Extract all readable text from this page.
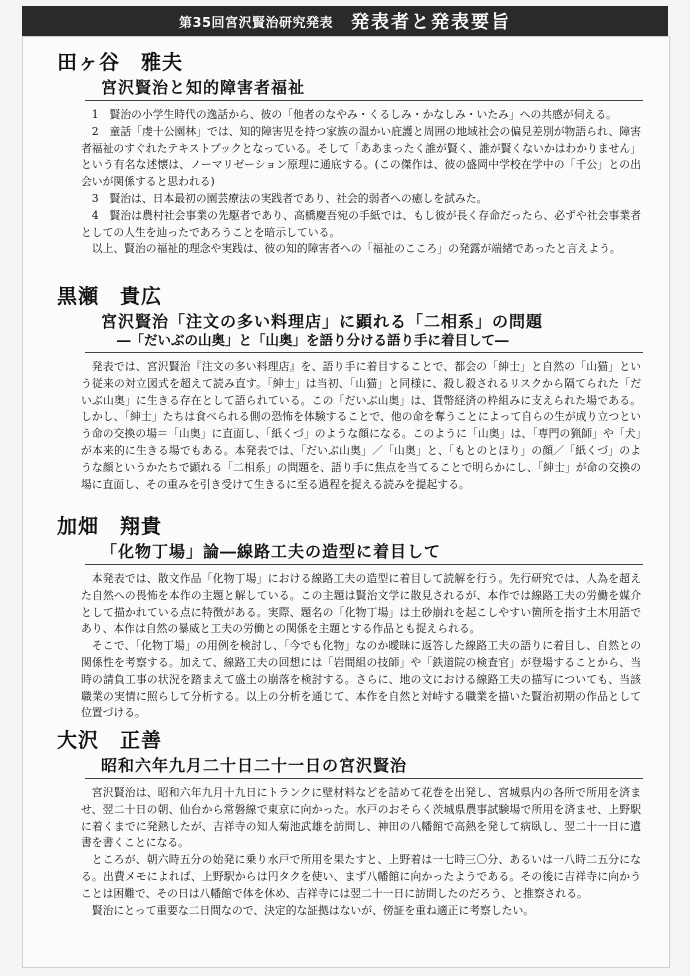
第35回宮沢賢治研究発表 発表者と発表要旨
田ヶ谷　雅夫
宮沢賢治と知的障害者福祉

1　賢治の小学生時代の逸話から、彼の「他者のなやみ・くるしみ・かなしみ・いたみ」への共感が伺える。

2　童話「虔十公園林」では、知的障害児を持つ家族の温かい庇護と周囲の地域社会の偏見差別が物語られ、障害者福祉のすぐれたテキストブックとなっている。そして「ああまったく誰が賢く、誰が賢くないかはわかりません」という有名な述懐は、ノーマリゼーション原理に通底する。(この傑作は、彼の盛岡中学校在学中の「千公」との出会いが関係すると思われる)

3　賢治は、日本最初の園芸療法の実践者であり、社会的弱者への癒しを試みた。

4　賢治は農村社会事業の先駆者であり、高橋慶吾宛の手紙では、もし彼が長く存命だったら、必ずや社会事業者としての人生を辿ったであろうことを暗示している。

以上、賢治の福祉的理念や実践は、彼の知的障害者への「福祉のこころ」の発露が端緒であったと言えよう。

黒瀬　貴広
宮沢賢治「注文の多い料理店」に顕れる「二相系」の問題
―「だいぶの山奥」と「山奥」を語り分ける語り手に着目して―

発表では、宮沢賢治『注文の多い料理店』を、語り手に着目することで、都会の「紳士」と自然の「山猫」という従来の対立図式を超えて読み直す。「紳士」は当初、「山猫」と同様に、殺し殺されるリスクから隔てられた「だいぶ山奥」に生きる存在として語られている。この「だいぶ山奥」は、貨幣経済の枠組みに支えられた場である。しかし、「紳士」たちは食べられる側の恐怖を体験することで、他の命を奪うことによって自らの生が成り立つという命の交換の場＝「山奥」に直面し、「紙くづ」のような顔になる。このように「山奥」は、「専門の猟師」や「犬」が本来的に生きる場でもある。本発表では、「だいぶ山奥」／「山奥」と、「もとのとほり」の顔／「紙くづ」のような顔というかたちで顕れる「二相系」の問題を、語り手に焦点を当てることで明らかにし、「紳士」が命の交換の場に直面し、その重みを引き受けて生きるに至る過程を捉える読みを提起する。

加畑　翔貴
「化物丁場」論―線路工夫の造型に着目して

本発表では、散文作品「化物丁場」における線路工夫の造型に着目して読解を行う。先行研究では、人為を超えた自然への畏怖を本作の主題と解している。この主題は賢治文学に散見されるが、本作では線路工夫の労働を媒介として描かれている点に特徴がある。実際、題名の「化物丁場」は土砂崩れを起こしやすい箇所を指す土木用語であり、本作は自然の暴威と工夫の労働との関係を主題とする作品とも捉えられる。

そこで、「化物丁場」の用例を検討し、「今でも化物」なのか曖昧に返答した線路工夫の語りに着目し、自然との関係性を考察する。加えて、線路工夫の回想には「岩間組の技師」や「鉄道院の検査官」が登場することから、当時の請負工事の状況を踏まえて盛土の崩落を検討する。さらに、地の文における線路工夫の描写についても、当該職業の実情に照らして分析する。以上の分析を通じて、本作を自然と対峙する職業を描いた賢治初期の作品として位置づける。

大沢　正善
昭和六年九月二十日二十一日の宮沢賢治

宮沢賢治は、昭和六年九月十九日にトランクに壁材料などを詰めて花巻を出発し、宮城県内の各所で所用を済ませ、翌二十日の朝、仙台から常磐線で東京に向かった。水戸のおそらく茨城県農事試験場で所用を済ませ、上野駅に着くまでに発熱したが、吉祥寺の知人菊池武雄を訪問し、神田の八幡館で高熱を発して病臥し、翌二十一日に遺書を書くことになる。

ところが、朝六時五分の始発に乗り水戸で所用を果たすと、上野着は一七時三〇分、あるいは一八時二五分になる。出費メモによれば、上野駅からは円タクを使い、まず八幡館に向かったようである。その後に吉祥寺に向かうことは困難で、その日は八幡館で体を休め、吉祥寺には翌二十一日に訪問したのだろう、と推察される。

賢治にとって重要な二日間なので、決定的な証拠はないが、傍証を重ね適正に考察したい。
